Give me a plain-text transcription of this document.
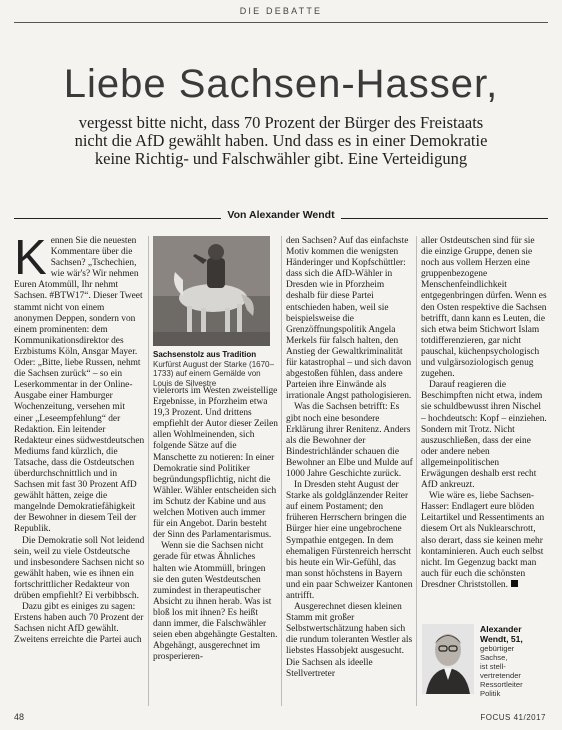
DIE DEBATTE
Liebe Sachsen-Hasser,
vergesst bitte nicht, dass 70 Prozent der Bürger des Freistaats nicht die AfD gewählt haben. Und dass es in einer Demokratie keine Richtig- und Falschwähler gibt. Eine Verteidigung
Von Alexander Wendt

Kennen Sie die neuesten Kommentare über die Sachsen? „Tschechien, wie wär's? Wir nehmen Euren Atommüll, Ihr nehmt Sachsen. #BTW17“. Dieser Tweet stammt nicht von einem anonymen Deppen, sondern von einem prominenten: dem Kommunikationsdirektor des Erzbistums Köln, Ansgar Mayer. Oder: „Bitte, liebe Russen, nehmt die Sachsen zurück“ – so ein Leserkommentar in der Online-Ausgabe einer Hamburger Wochenzeitung, versehen mit einer „Leseempfehlung“ der Redaktion. Ein leitender Redakteur eines südwestdeutschen Mediums fand kürzlich, die Tatsache, dass die Ostdeutschen überdurchschnittlich und in Sachsen mit fast 30 Prozent AfD gewählt hätten, zeige die mangelnde Demokratiefähigkeit der Bewohner in diesem Teil der Republik.

Die Demokratie soll Not leidend sein, weil zu viele Ostdeutsche und insbesondere Sachsen nicht so gewählt haben, wie es ihnen ein fortschrittlicher Redakteur von drüben empfiehlt? Ei verbibbsch.

Dazu gibt es einiges zu sagen: Erstens haben auch 70 Prozent der Sachsen nicht AfD gewählt. Zweitens erreichte die Partei auch

Sachsenstolz aus Tradition
Kurfürst August der Starke (1670–1733) auf einem Gemälde von Louis de Silvestre

vielerorts im Westen zweistellige Ergebnisse, in Pforzheim etwa 19,3 Prozent. Und drittens empfiehlt der Autor dieser Zeilen allen Wohlmeinenden, sich folgende Sätze auf die Manschette zu notieren: In einer Demokratie sind Politiker begründungspflichtig, nicht die Wähler. Wähler entscheiden sich im Schutz der Kabine und aus welchen Motiven auch immer für ein Angebot. Darin besteht der Sinn des Parlamentarismus.

Wenn sie die Sachsen nicht gerade für etwas Ähnliches halten wie Atommüll, bringen sie den guten Westdeutschen zumindest in therapeutischer Absicht zu ihnen herab. Was ist bloß los mit ihnen? Es heißt dann immer, die Falschwähler seien eben abgehängte Gestalten. Abgehängt, ausgerechnet im prosperieren-

den Sachsen? Auf das einfachste Motiv kommen die wenigsten Händeringer und Kopfschüttler: dass sich die AfD-Wähler in Dresden wie in Pforzheim deshalb für diese Partei entschieden haben, weil sie beispielsweise die Grenzöffnungspolitik Angela Merkels für falsch halten, den Anstieg der Gewaltkriminalität für katastrophal – und sich davon abgestoßen fühlen, dass andere Parteien ihre Einwände als irrationale Angst pathologisieren.

Was die Sachsen betrifft: Es gibt noch eine besondere Erklärung ihrer Renitenz. Anders als die Bewohner der Bindestrichländer schauen die Bewohner an Elbe und Mulde auf 1000 Jahre Geschichte zurück.

In Dresden steht August der Starke als goldglänzender Reiter auf einem Postament; den früheren Herrschern bringen die Bürger hier eine ungebrochene Sympathie entgegen. In dem ehemaligen Fürstenreich herrscht bis heute ein Wir-Gefühl, das man sonst höchstens in Bayern und ein paar Schweizer Kantonen antrifft.

Ausgerechnet diesen kleinen Stamm mit großer Selbstwertschätzung haben sich die rundum toleranten Westler als liebstes Hassobjekt ausgesucht. Die Sachsen als ideelle Stellvertreter

aller Ostdeutschen sind für sie die einzige Gruppe, denen sie noch aus vollem Herzen eine gruppenbezogene Menschenfeindlichkeit entgegenbringen dürfen. Wenn es den Osten respektive die Sachsen betrifft, dann kann es Leuten, die sich etwa beim Stichwort Islam totdifferenzieren, gar nicht pauschal, küchenpsychologisch und vulgärsoziologisch genug zugehen.

Darauf reagieren die Beschimpften nicht etwa, indem sie schuldbewusst ihren Nischel – hochdeutsch: Kopf – einziehen. Sondern mit Trotz. Nicht auszuschließen, dass der eine oder andere neben allgemeinpolitischen Erwägungen deshalb erst recht AfD ankreuzt.

Wie wäre es, liebe Sachsen-Hasser: Endlagert eure blöden Leitartikel und Ressentiments an diesem Ort als Nuklearschrott, also derart, dass sie keinen mehr kontaminieren. Auch euch selbst nicht. Im Gegenzug backt man auch für euch die schönsten Dresdner Christstollen.

Alexander Wendt, 51,
gebürtiger
Sachse,
ist stell-
vertretender
Ressortleiter
Politik
48	FOCUS 41/2017
